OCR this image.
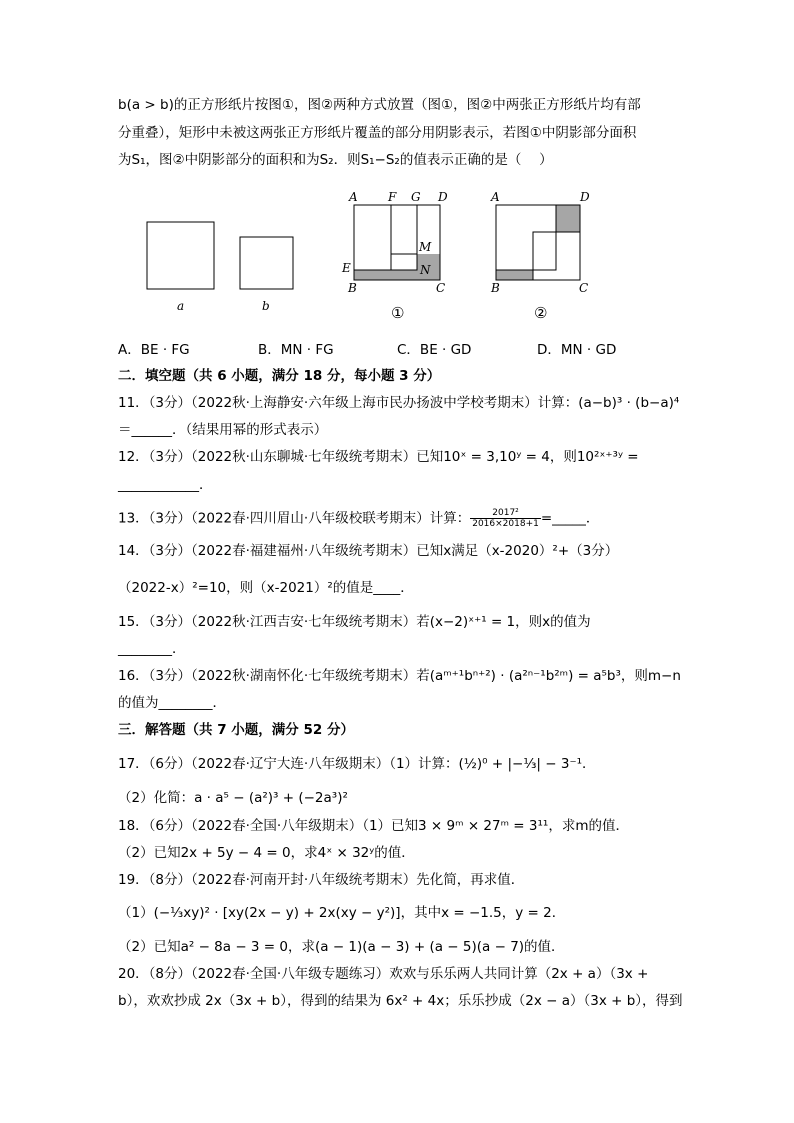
b(a > b)的正方形纸片按图①，图②两种方式放置（图①，图②中两张正方形纸片均有部
分重叠），矩形中未被这两张正方形纸片覆盖的部分用阴影表示，若图①中阴影部分面积
为S₁，图②中阴影部分的面积和为S₂．则S₁−S₂的值表示正确的是（　 ）
a	b
A	F G D
M
E	N
B	C
①
A	D
B	C
②
A．BE · FG	B．MN · FG	C．BE · GD	D．MN · GD
二．填空题（共 6 小题，满分 18 分，每小题 3 分）
11．（3分）（2022秋·上海静安·六年级上海市民办扬波中学校考期末）计算：(a−b)³ · (b−a)⁴
＝______．（结果用幂的形式表示）
12．（3分）（2022秋·山东聊城·七年级统考期末）已知10ˣ = 3,10ʸ = 4，则10²ˣ⁺³ʸ =
____________．
13．（3分）（2022春·四川眉山·八年级校联考期末）计算： $\frac{\text{2017²}}{2016\times 2018+1}$ =_____．
14．（3分）（2022春·福建福州·八年级统考期末）已知x满足（x-2020）²+（3分）
（2022-x）²=10，则（x-2021）²的值是____．
15．（3分）（2022秋·江西吉安·七年级统考期末）若(x−2)ˣ⁺¹ = 1，则x的值为
________．
16．（3分）（2022秋·湖南怀化·七年级统考期末）若(aᵐ⁺¹bⁿ⁺²) · (a²ⁿ⁻¹b²ᵐ) = a⁵b³，则m−n
的值为________．
三．解答题（共 7 小题，满分 52 分）
17．（6分）（2022春·辽宁大连·八年级期末）（1）计算：(½)⁰ + |−⅓| − 3⁻¹．
（2）化简：a · a⁵ − (a²)³ + (−2a³)²
18．（6分）（2022春·全国·八年级期末）（1）已知3 × 9ᵐ × 27ᵐ = 3¹¹，求m的值．
（2）已知2x + 5y − 4 = 0，求4ˣ × 32ʸ的值．
19．（8分）（2022春·河南开封·八年级统考期末）先化简，再求值．
（1）(−⅓xy)² · [xy(2x − y) + 2x(xy − y²)]，其中x = −1.5，y = 2．
（2）已知a² − 8a − 3 = 0，求(a − 1)(a − 3) + (a − 5)(a − 7)的值．
20．（8分）（2022春·全国·八年级专题练习）欢欢与乐乐两人共同计算（2x + a）（3x +
b），欢欢抄成 2x（3x + b），得到的结果为 6x² + 4x；乐乐抄成（2x − a）（3x + b），得到
